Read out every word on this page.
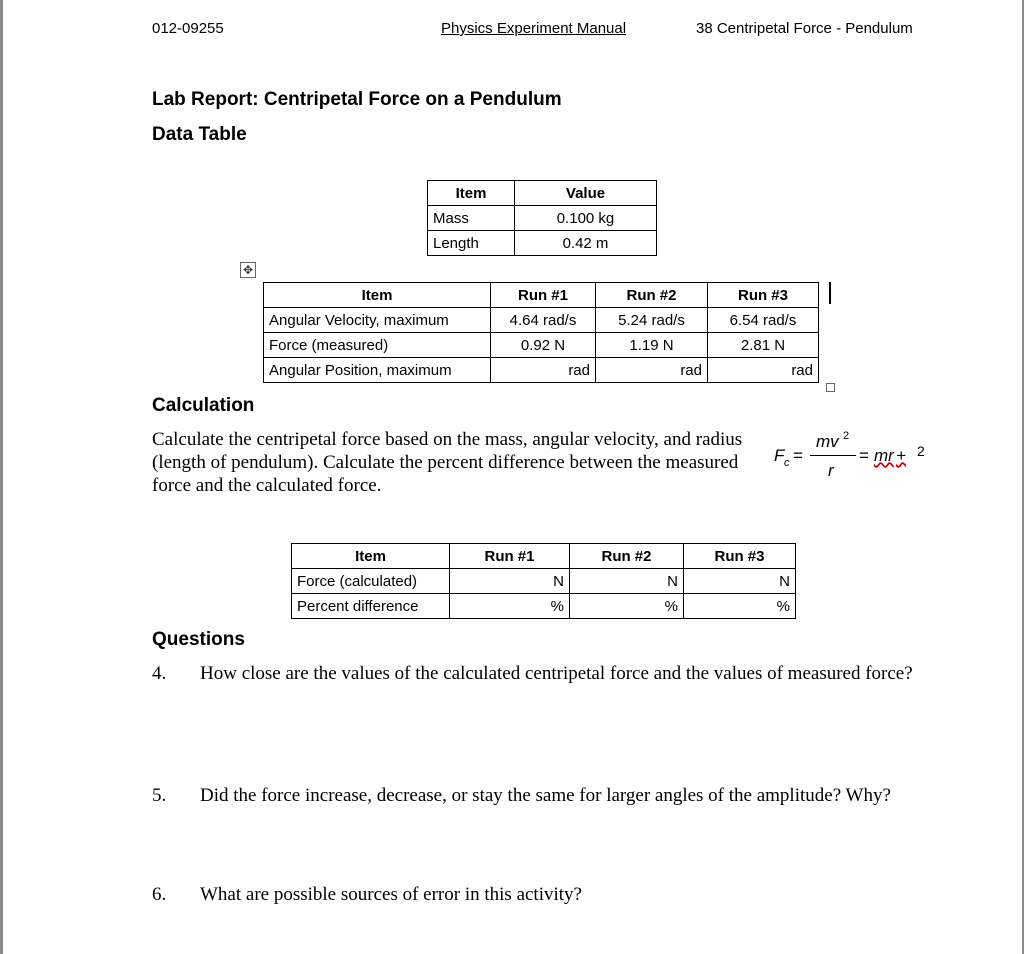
012-09255	Physics Experiment Manual	38 Centripetal Force - Pendulum
Lab Report: Centripetal Force on a Pendulum
Data Table
Item	Value
Mass	0.100 kg
Length	0.42 m
✥
Item	Run #1	Run #2	Run #3
Angular Velocity, maximum	4.64 rad/s	5.24 rad/s	6.54 rad/s
Force (measured)	0.92 N	1.19 N	2.81 N
Angular Position, maximum	rad	rad	rad
Calculation
Calculate the centripetal force based on the mass, angular velocity, and radius (length of pendulum). Calculate the percent difference between the measured force and the calculated force.
F c =
mv 2
r
= mr + 2
Item	Run #1	Run #2	Run #3
Force (calculated)	N	N	N
Percent difference	%	%	%
Questions
4. How close are the values of the calculated centripetal force and the values of measured force?
5. Did the force increase, decrease, or stay the same for larger angles of the amplitude? Why?
6. What are possible sources of error in this activity?
